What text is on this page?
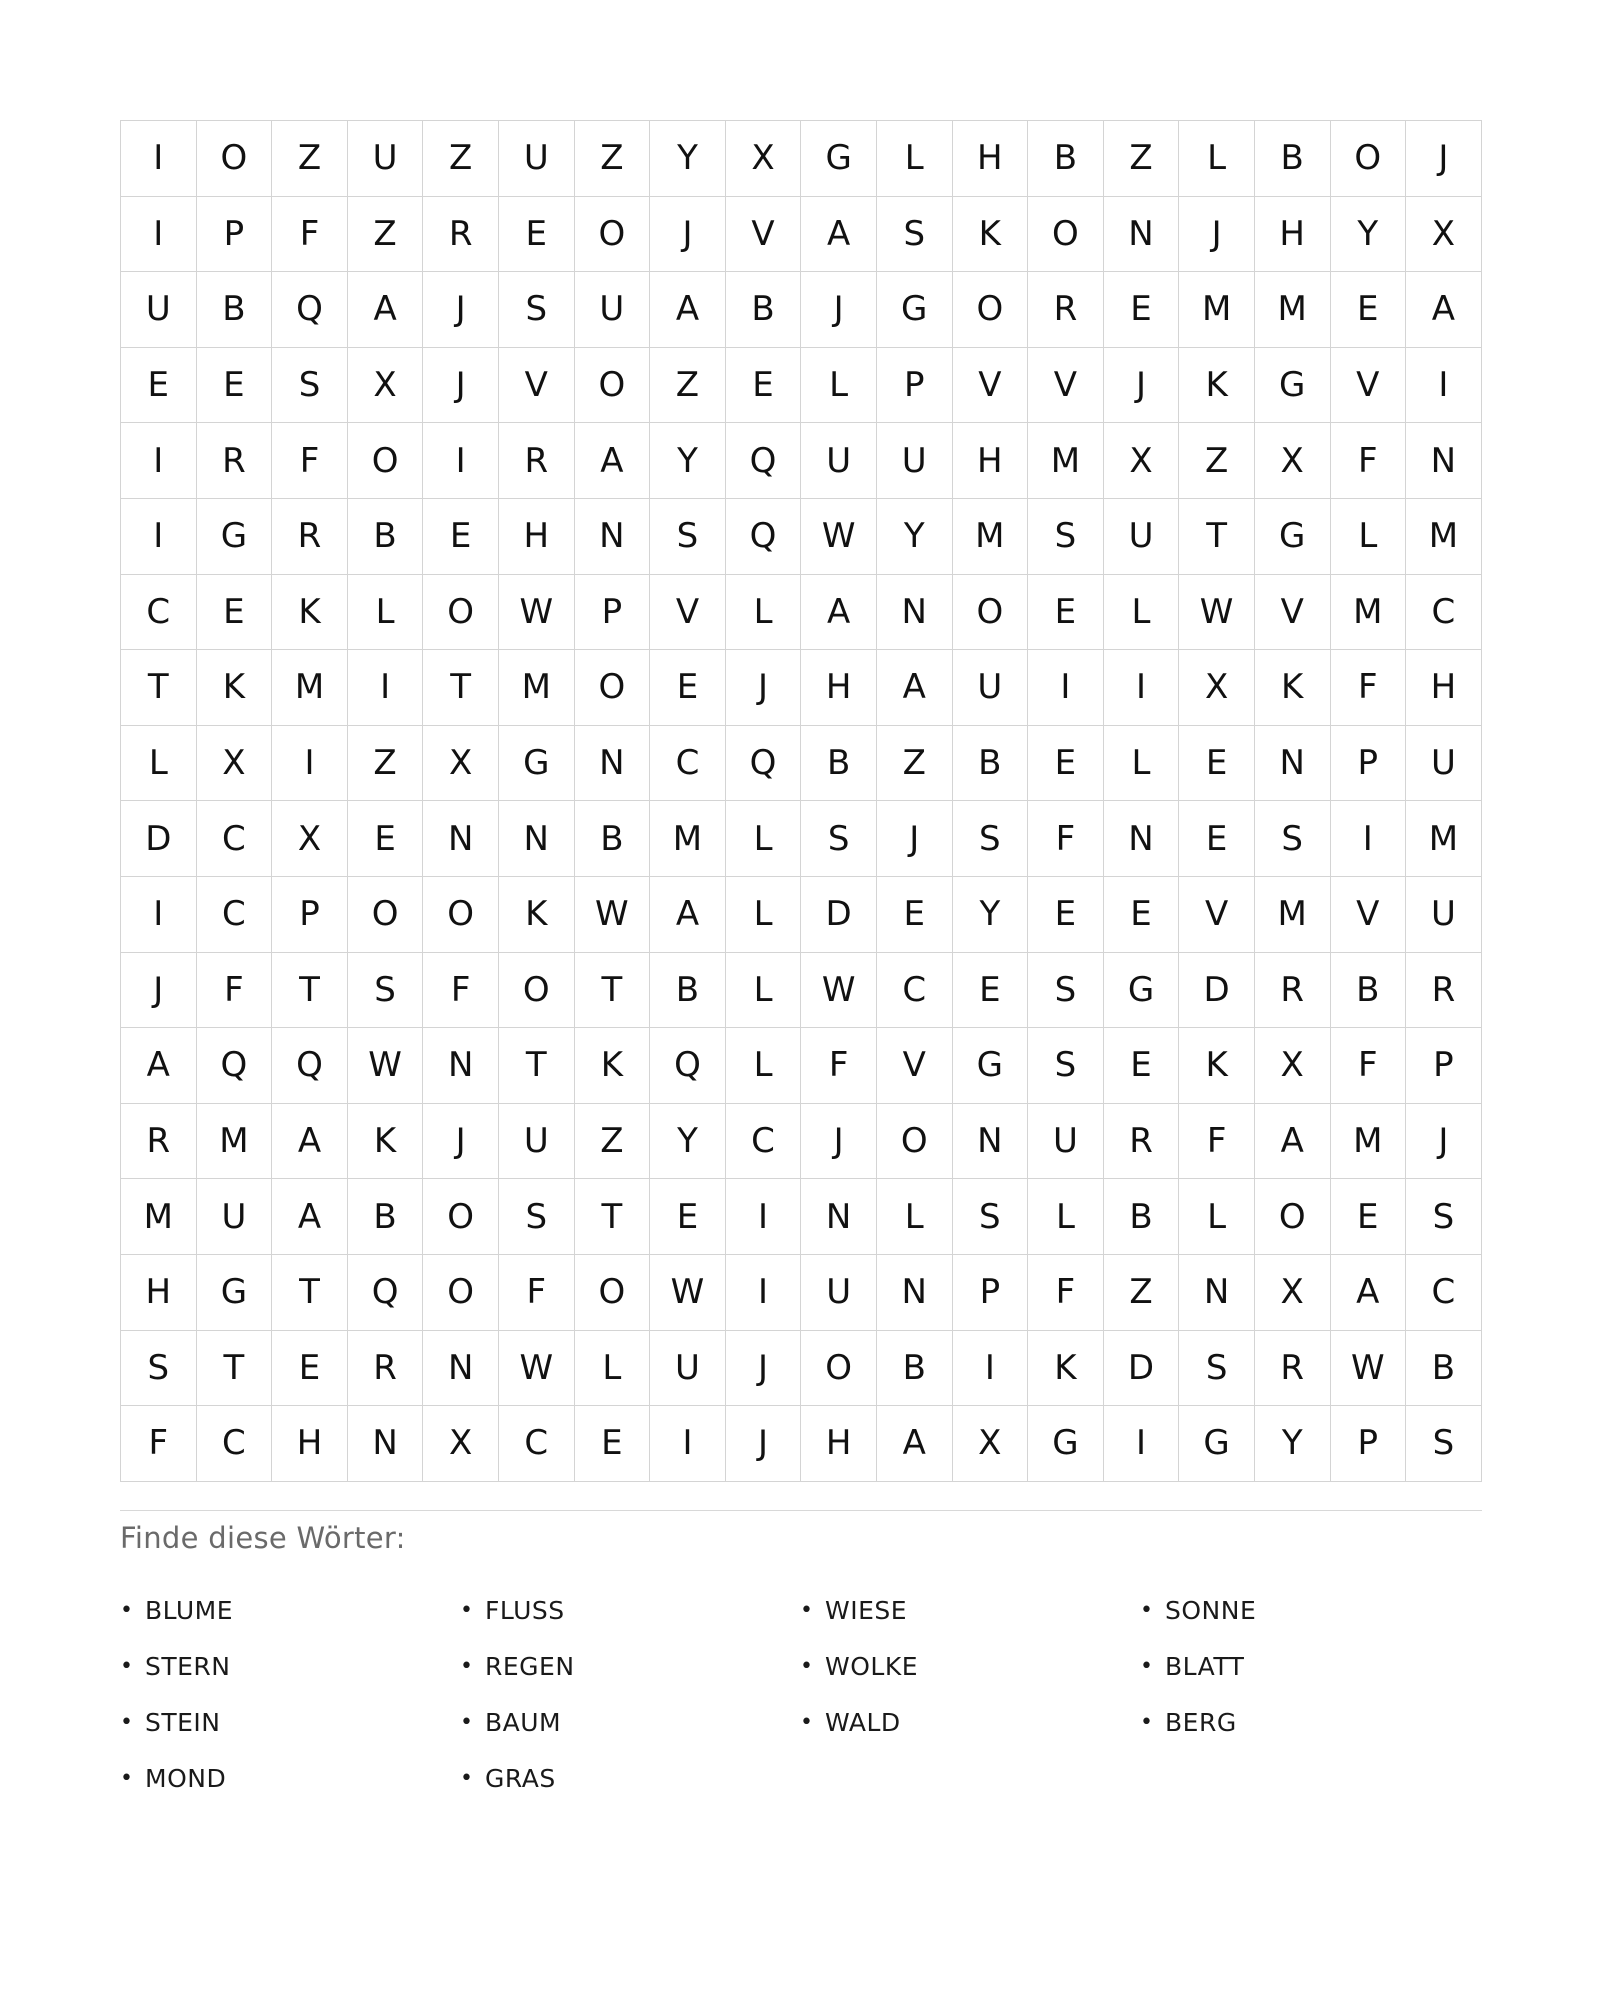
I	O	Z	U	Z	U	Z	Y	X	G	L	H	B	Z	L	B	O	J
I	P	F	Z	R	E	O	J	V	A	S	K	O	N	J	H	Y	X
U	B	Q	A	J	S	U	A	B	J	G	O	R	E	M	M	E	A
E	E	S	X	J	V	O	Z	E	L	P	V	V	J	K	G	V	I
I	R	F	O	I	R	A	Y	Q	U	U	H	M	X	Z	X	F	N
I	G	R	B	E	H	N	S	Q	W	Y	M	S	U	T	G	L	M
C	E	K	L	O	W	P	V	L	A	N	O	E	L	W	V	M	C
T	K	M	I	T	M	O	E	J	H	A	U	I	I	X	K	F	H
L	X	I	Z	X	G	N	C	Q	B	Z	B	E	L	E	N	P	U
D	C	X	E	N	N	B	M	L	S	J	S	F	N	E	S	I	M
I	C	P	O	O	K	W	A	L	D	E	Y	E	E	V	M	V	U
J	F	T	S	F	O	T	B	L	W	C	E	S	G	D	R	B	R
A	Q	Q	W	N	T	K	Q	L	F	V	G	S	E	K	X	F	P
R	M	A	K	J	U	Z	Y	C	J	O	N	U	R	F	A	M	J
M	U	A	B	O	S	T	E	I	N	L	S	L	B	L	O	E	S
H	G	T	Q	O	F	O	W	I	U	N	P	F	Z	N	X	A	C
S	T	E	R	N	W	L	U	J	O	B	I	K	D	S	R	W	B
F	C	H	N	X	C	E	I	J	H	A	X	G	I	G	Y	P	S
Finde diese Wörter:
• BLUME	• FLUSS	• WIESE	• SONNE
• STERN	• REGEN	• WOLKE	• BLATT
• STEIN	• BAUM	• WALD	• BERG
• MOND	• GRAS
